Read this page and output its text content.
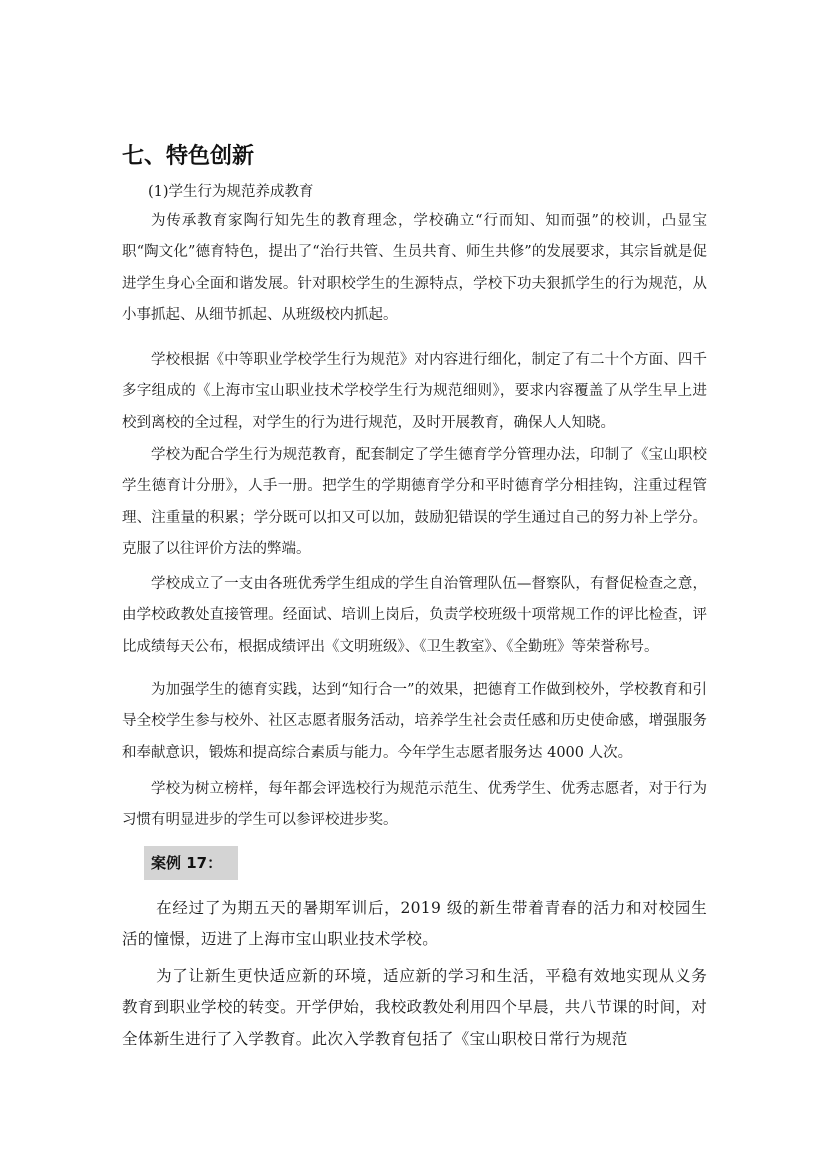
七、特色创新

(1)学生行为规范养成教育

为传承教育家陶行知先生的教育理念，学校确立“行而知、知而强”的校训，凸显宝职“陶文化”德育特色，提出了“治行共管、生员共育、师生共修”的发展要求，其宗旨就是促进学生身心全面和谐发展。针对职校学生的生源特点，学校下功夫狠抓学生的行为规范，从小事抓起、从细节抓起、从班级校内抓起。

学校根据《中等职业学校学生行为规范》对内容进行细化，制定了有二十个方面、四千多字组成的《上海市宝山职业技术学校学生行为规范细则》，要求内容覆盖了从学生早上进校到离校的全过程，对学生的行为进行规范，及时开展教育，确保人人知晓。

学校为配合学生行为规范教育，配套制定了学生德育学分管理办法，印制了《宝山职校学生德育计分册》，人手一册。把学生的学期德育学分和平时德育学分相挂钩，注重过程管理、注重量的积累；学分既可以扣又可以加，鼓励犯错误的学生通过自己的努力补上学分。克服了以往评价方法的弊端。

学校成立了一支由各班优秀学生组成的学生自治管理队伍—督察队，有督促检查之意，由学校政教处直接管理。经面试、培训上岗后，负责学校班级十项常规工作的评比检查，评比成绩每天公布，根据成绩评出《文明班级》、《卫生教室》、《全勤班》等荣誉称号。

为加强学生的德育实践，达到“知行合一”的效果，把德育工作做到校外，学校教育和引导全校学生参与校外、社区志愿者服务活动，培养学生社会责任感和历史使命感，增强服务和奉献意识，锻炼和提高综合素质与能力。今年学生志愿者服务达 4000 人次。

学校为树立榜样，每年都会评选校行为规范示范生、优秀学生、优秀志愿者，对于行为习惯有明显进步的学生可以参评校进步奖。

案例 17：

在经过了为期五天的暑期军训后，2019 级的新生带着青春的活力和对校园生活的憧憬，迈进了上海市宝山职业技术学校。

为了让新生更快适应新的环境，适应新的学习和生活，平稳有效地实现从义务教育到职业学校的转变。开学伊始，我校政教处利用四个早晨，共八节课的时间，对全体新生进行了入学教育。此次入学教育包括了《宝山职校日常行为规范
